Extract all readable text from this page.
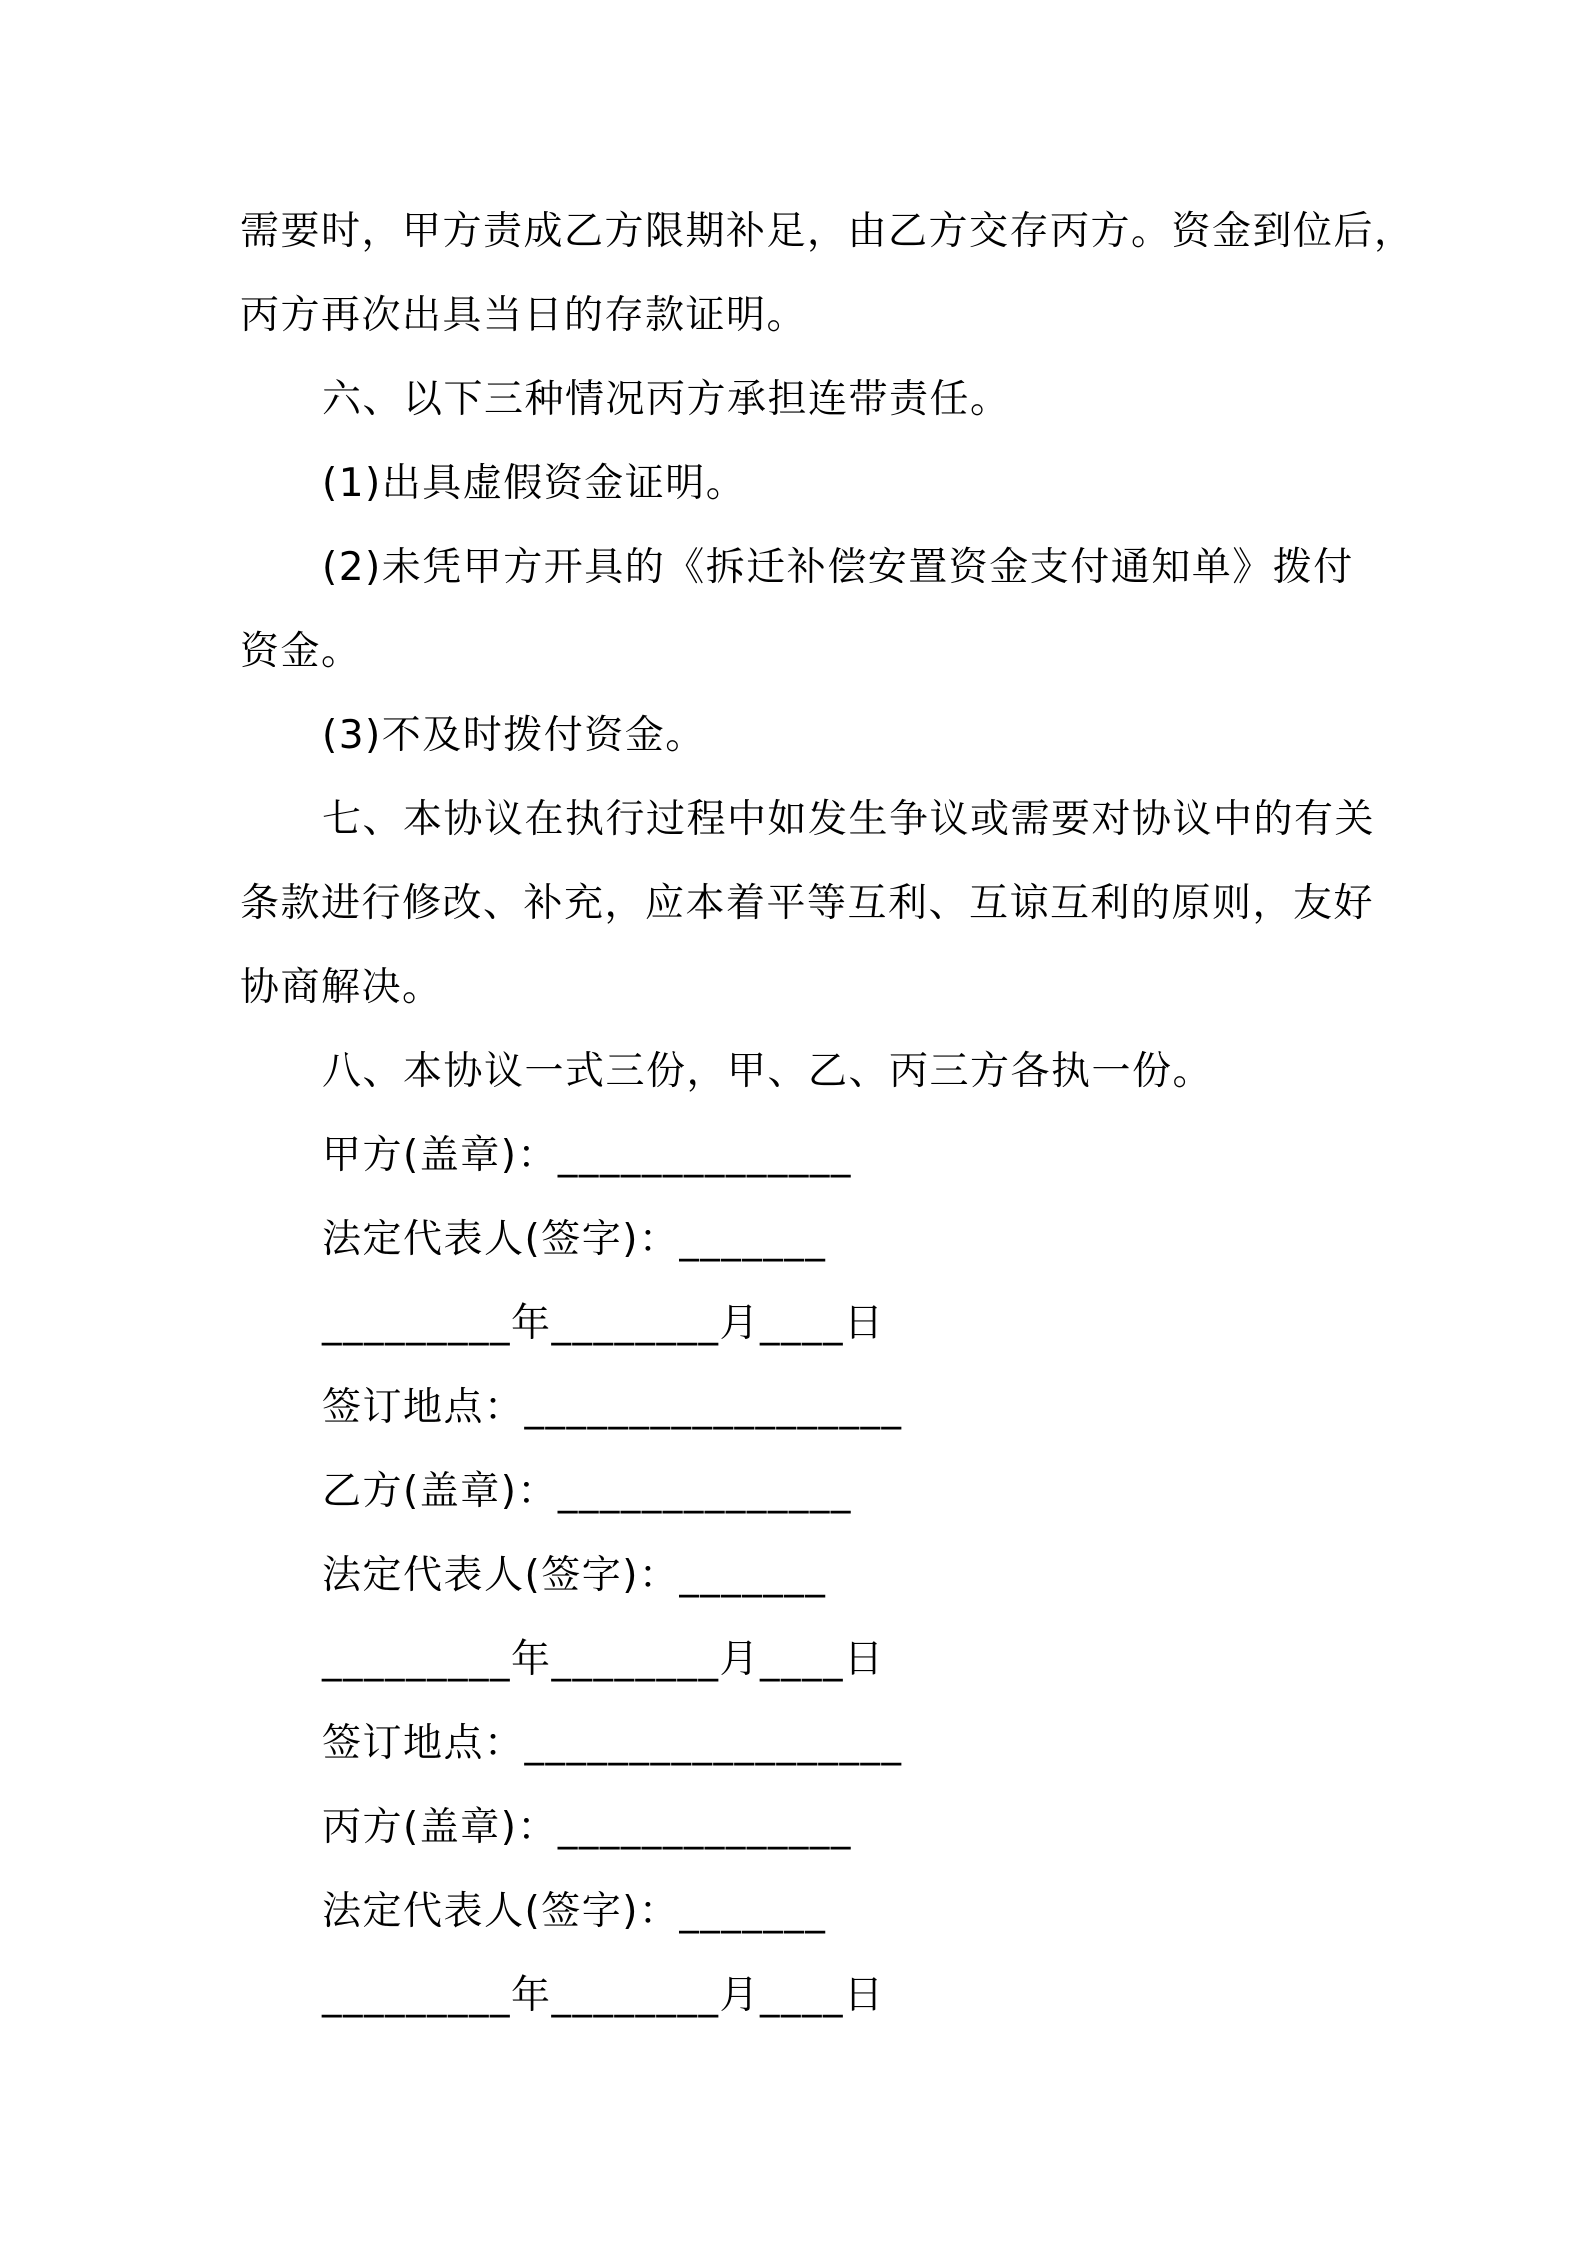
需要时，甲方责成乙方限期补足，由乙方交存丙方。资金到位后，
丙方再次出具当日的存款证明。
六、以下三种情况丙方承担连带责任。
(1)出具虚假资金证明。
(2)未凭甲方开具的《拆迁补偿安置资金支付通知单》拨付
资金。
(3)不及时拨付资金。
七、本协议在执行过程中如发生争议或需要对协议中的有关
条款进行修改、补充，应本着平等互利、互谅互利的原则，友好
协商解决。
八、本协议一式三份，甲、乙、丙三方各执一份。
甲方(盖章)：______________
法定代表人(签字)：_______
_________年________月____日
签订地点：__________________
乙方(盖章)：______________
法定代表人(签字)：_______
_________年________月____日
签订地点：__________________
丙方(盖章)：______________
法定代表人(签字)：_______
_________年________月____日
